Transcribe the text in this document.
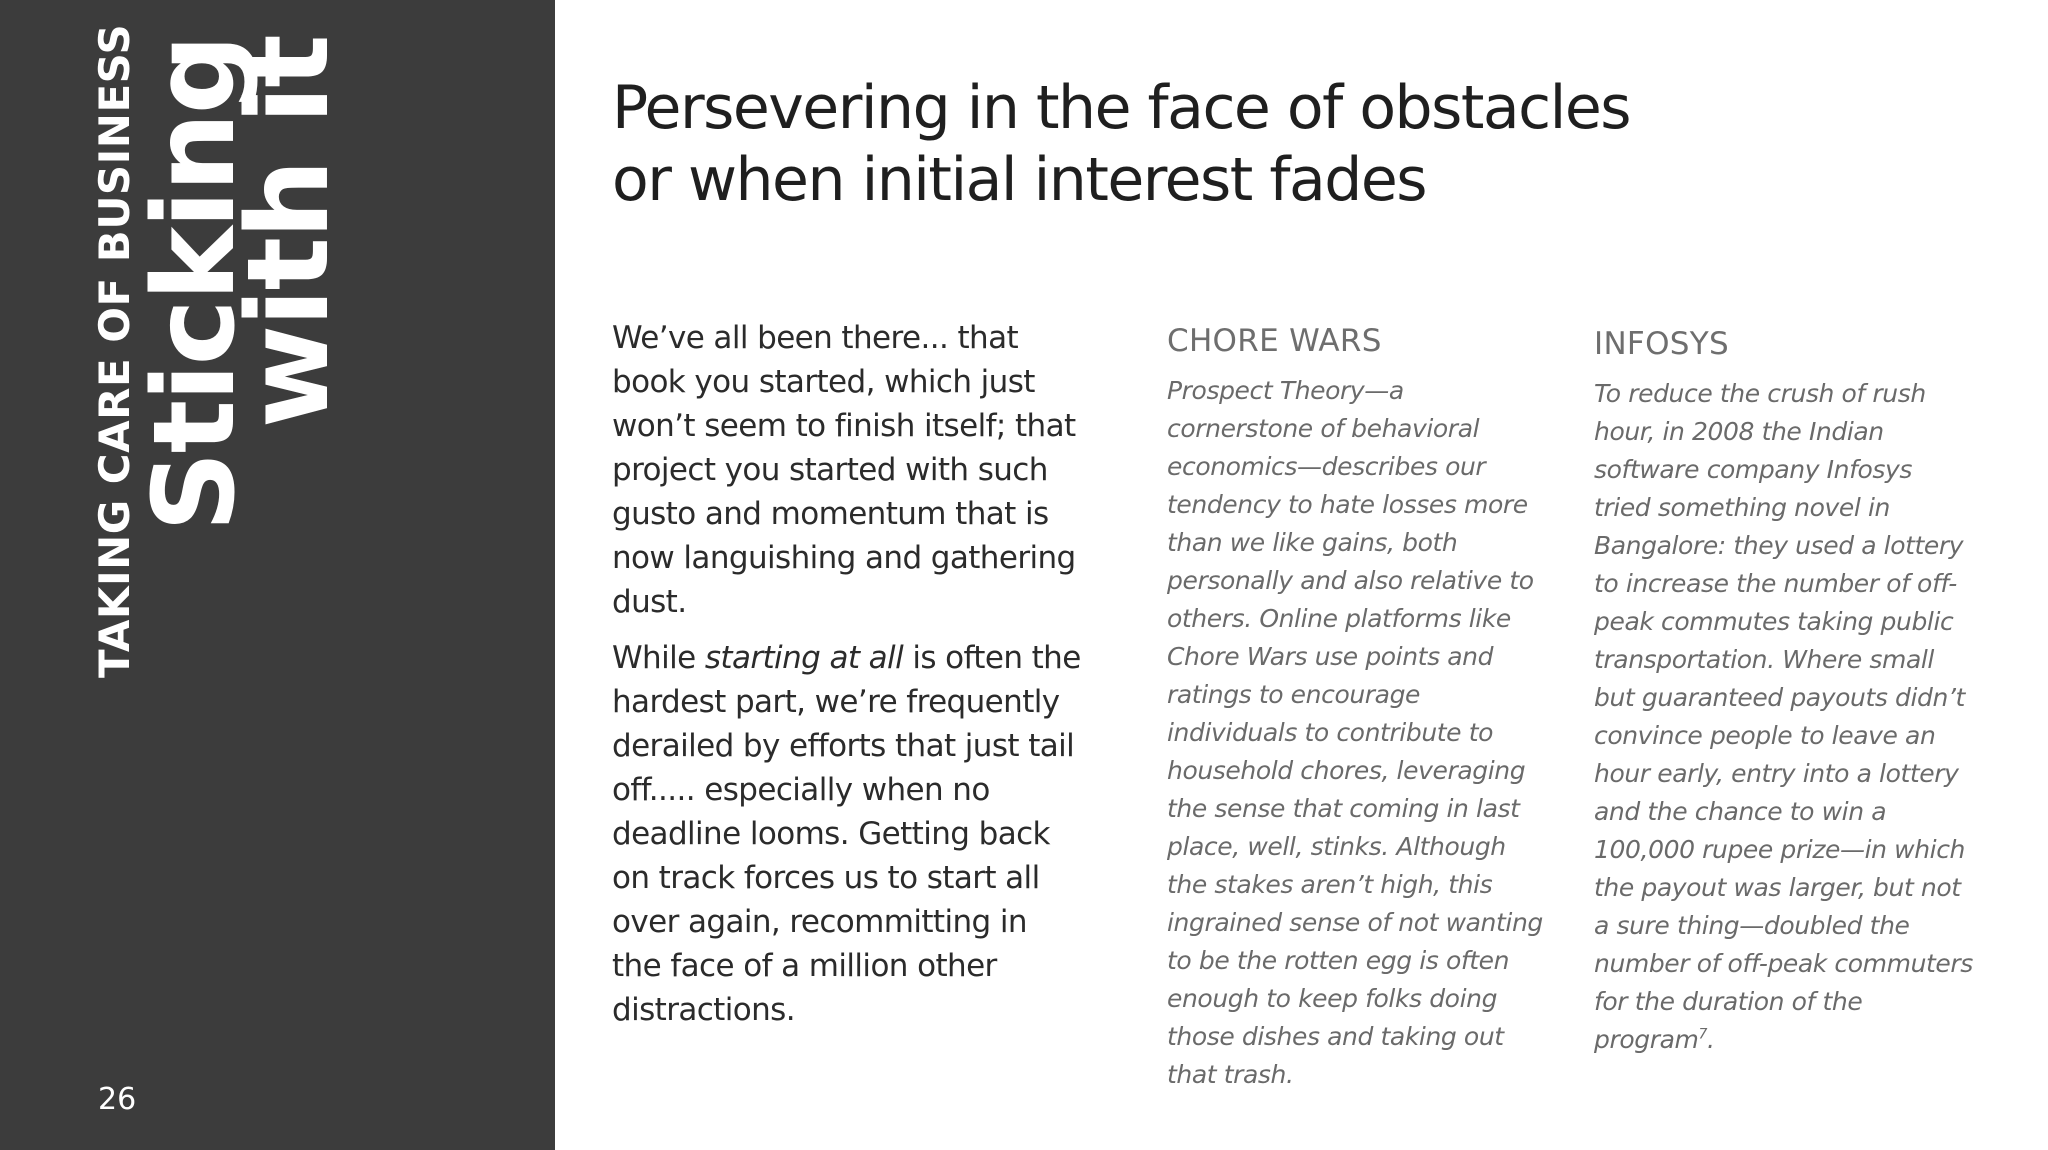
TAKING CARE OF BUSINESS
Sticking
with it
26
Persevering in the face of obstacles
or when initial interest fades

We’ve all been there... that book you started, which just won’t seem to finish itself; that project you started with such gusto and momentum that is now languishing and gathering dust.

While starting at all is often the hardest part, we’re frequently derailed by efforts that just tail off..... especially when no deadline looms. Getting back on track forces us to start all over again, recommitting in the face of a million other distractions.

CHORE WARS

Prospect Theory—a cornerstone of behavioral economics—describes our tendency to hate losses more than we like gains, both personally and also relative to others. Online platforms like Chore Wars use points and ratings to encourage individuals to contribute to household chores, leveraging the sense that coming in last place, well, stinks. Although the stakes aren’t high, this ingrained sense of not wanting to be the rotten egg is often enough to keep folks doing those dishes and taking out that trash.

INFOSYS

To reduce the crush of rush hour, in 2008 the Indian software company Infosys tried something novel in Bangalore: they used a lottery to increase the number of off-peak commutes taking public transportation. Where small but guaranteed payouts didn’t convince people to leave an hour early, entry into a lottery and the chance to win a 100,000 rupee prize—in which the payout was larger, but not a sure thing—doubled the number of off-peak commuters for the duration of the program$^7$.
